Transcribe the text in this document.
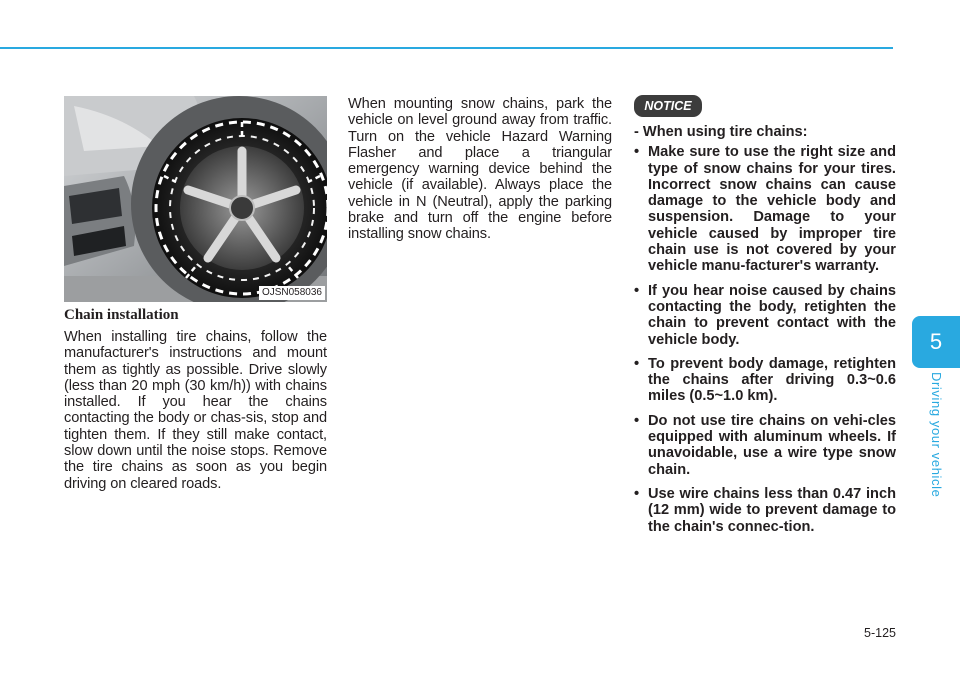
OJSN058036
Chain installation
When installing tire chains, follow the manufacturer's instructions and mount them as tightly as possible. Drive slowly (less than 20 mph (30 km/h)) with chains installed. If you hear the chains contacting the body or chas-sis, stop and tighten them. If they still make contact, slow down until the noise stops. Remove the tire chains as soon as you begin driving on cleared roads.
When mounting snow chains, park the vehicle on level ground away from traffic. Turn on the vehicle Hazard Warning Flasher and place a triangular emergency warning device behind the vehicle (if available). Always place the vehicle in N (Neutral), apply the parking brake and turn off the engine before installing snow chains.
NOTICE

- When using tire chains:

• Make sure to use the right size and type of snow chains for your tires. Incorrect snow chains can cause damage to the vehicle body and suspension. Damage to your vehicle caused by improper tire chain use is not covered by your vehicle manu-facturer's warranty.
• If you hear noise caused by chains contacting the body, retighten the chain to prevent contact with the vehicle body.
• To prevent body damage, retighten the chains after driving 0.3~0.6 miles (0.5~1.0 km).
• Do not use tire chains on vehi-cles equipped with aluminum wheels. If unavoidable, use a wire type snow chain.
• Use wire chains less than 0.47 inch (12 mm) wide to prevent damage to the chain's connec-tion.
5
Driving your vehicle
5-125
